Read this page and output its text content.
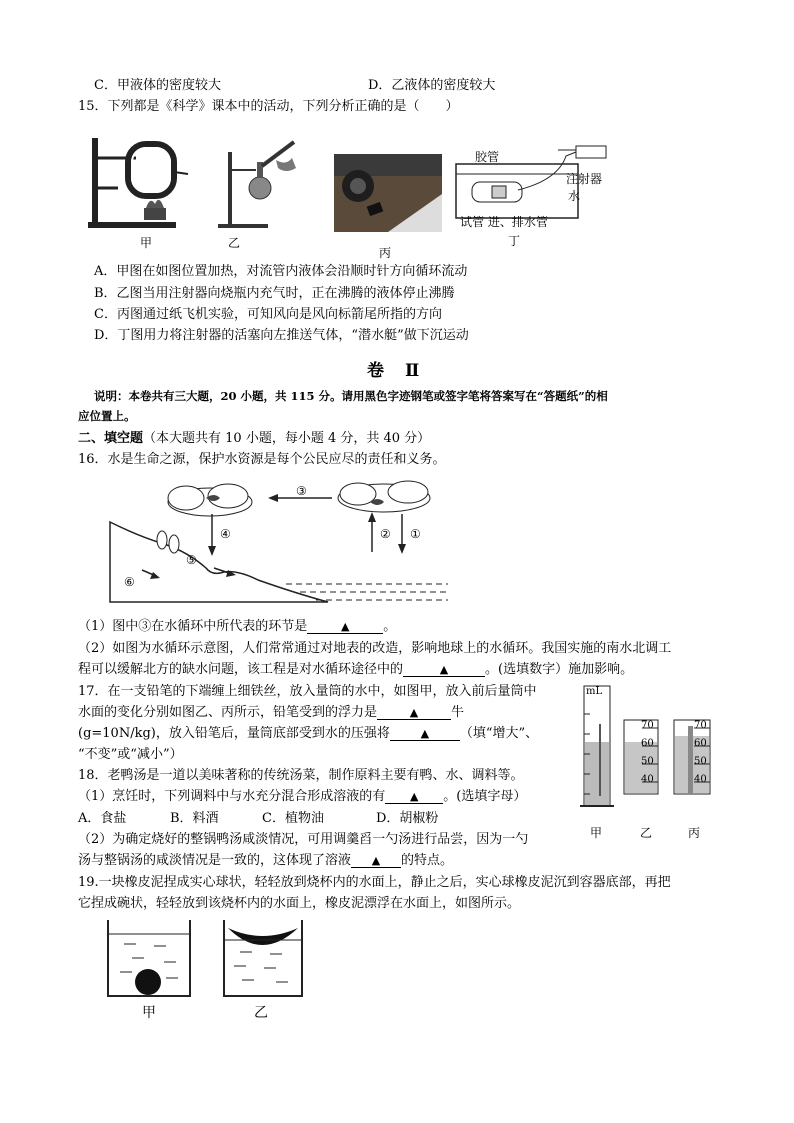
C．甲液体的密度较大	D．乙液体的密度较大
15．下列都是《科学》课本中的活动，下列分析正确的是（　　）
胶管
注射器
水
试管 进、排水管
甲	乙
丙
丁
A．甲图在如图位置加热，对流管内液体会沿顺时针方向循环流动
B．乙图当用注射器向烧瓶内充气时，正在沸腾的液体停止沸腾
C．丙图通过纸飞机实验，可知风向是风向标箭尾所指的方向
D．丁图用力将注射器的活塞向左推送气体，“潜水艇”做下沉运动
卷　Ⅱ
说明：本卷共有三大题，20 小题，共 115 分。请用黑色字迹钢笔或签字笔将答案写在“答题纸”的相
应位置上。
二、填空题（本大题共有 10 小题，每小题 4 分，共 40 分）
16．水是生命之源，保护水资源是每个公民应尽的责任和义务。
③
④	② ①
⑤
⑥
（1）图中③在水循环中所代表的环节是	▲	。
（2）如图为水循环示意图，人们常常通过对地表的改造，影响地球上的水循环。我国实施的南水北调工
程可以缓解北方的缺水问题，该工程是对水循环途径中的	▲	。(选填数字）施加影响。
17．在一支铅笔的下端缠上细铁丝，放入量筒的水中，如图甲，放入前后量筒中
水面的变化分别如图乙、丙所示，铅笔受到的浮力是	▲	牛
(g=10N/kg)，放入铅笔后，量筒底部受到水的压强将	▲ （填“增大”、
“不变”或“减小”）
mL
70
60
50
40
70
60
50
40
甲	乙	丙
18．老鸭汤是一道以美味著称的传统汤菜，制作原料主要有鸭、水、调料等。
（1）烹饪时，下列调料中与水充分混合形成溶液的有 ▲ 。(选填字母）
A．食盐	B．料酒	C．植物油	D．胡椒粉
（2）为确定烧好的整锅鸭汤咸淡情况，可用调羹舀一勺汤进行品尝，因为一勺
汤与整锅汤的咸淡情况是一致的，这体现了溶液 ▲ 的特点。
19.一块橡皮泥捏成实心球状，轻轻放到烧杯内的水面上，静止之后，实心球橡皮泥沉到容器底部，再把
它捏成碗状，轻轻放到该烧杯内的水面上，橡皮泥漂浮在水面上，如图所示。
甲	乙
